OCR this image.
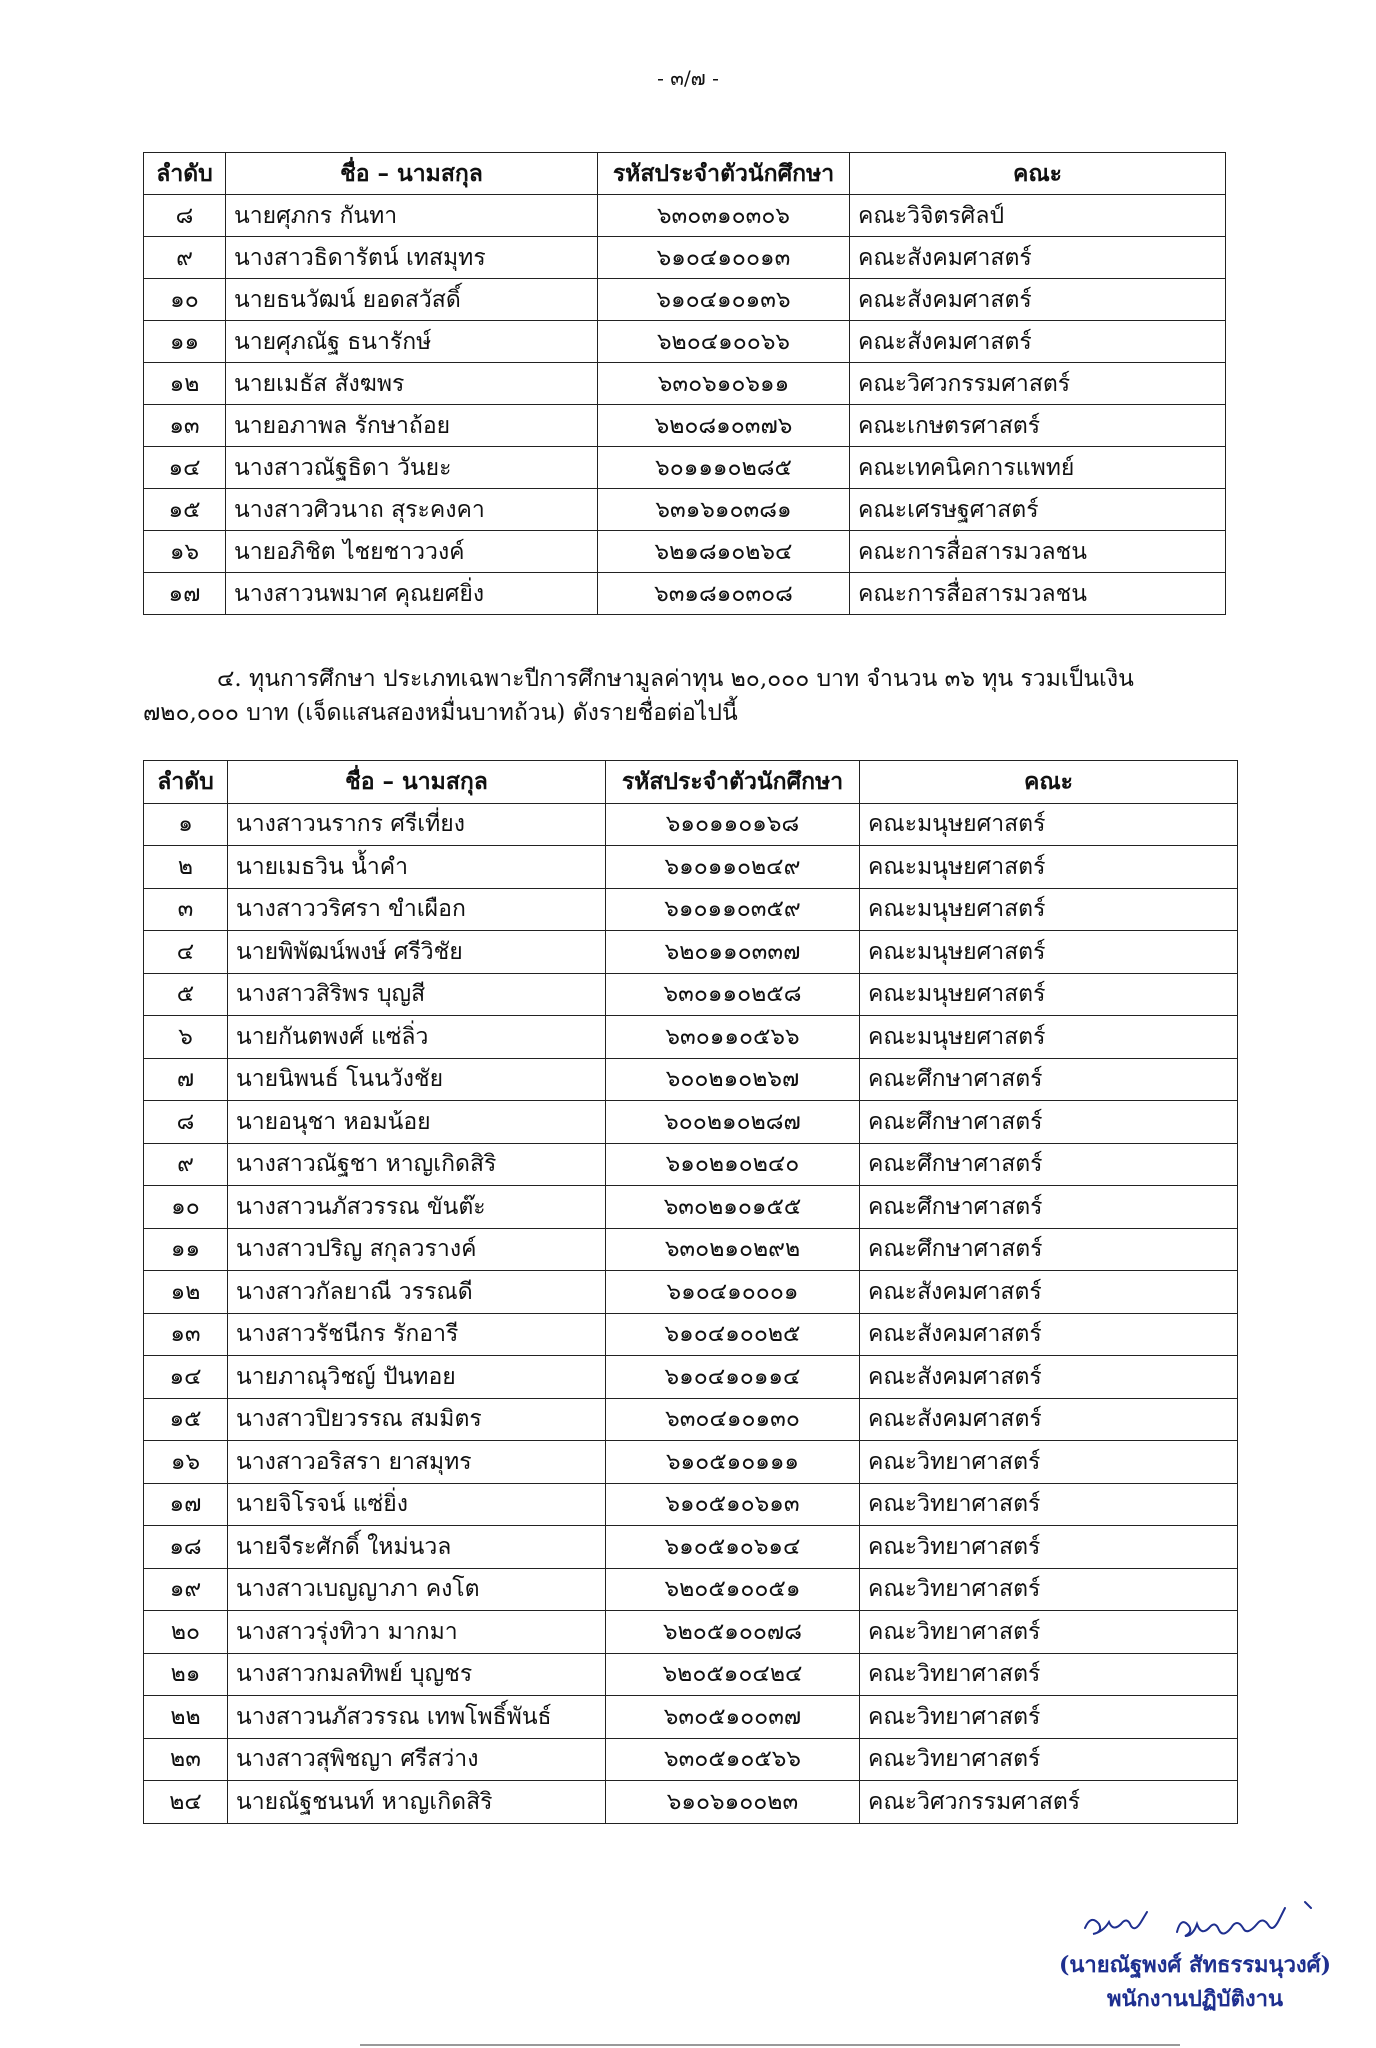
- ๓/๗ -
ลำดับ	ชื่อ – นามสกุล	รหัสประจำตัวนักศึกษา	คณะ
๘	นายศุภกร กันทา	๖๓๐๓๑๐๓๐๖	คณะวิจิตรศิลป์
๙	นางสาวธิดารัตน์ เทสมุทร	๖๑๐๔๑๐๐๑๓	คณะสังคมศาสตร์
๑๐	นายธนวัฒน์ ยอดสวัสดิ์	๖๑๐๔๑๐๑๓๖	คณะสังคมศาสตร์
๑๑	นายศุภณัฐ ธนารักษ์	๖๒๐๔๑๐๐๖๖	คณะสังคมศาสตร์
๑๒	นายเมธัส สังฆพร	๖๓๐๖๑๐๖๑๑	คณะวิศวกรรมศาสตร์
๑๓	นายอภาพล รักษาถ้อย	๖๒๐๘๑๐๓๗๖	คณะเกษตรศาสตร์
๑๔	นางสาวณัฐธิดา วันยะ	๖๐๑๑๑๐๒๘๕	คณะเทคนิคการแพทย์
๑๕	นางสาวศิวนาถ สุระคงคา	๖๓๑๖๑๐๓๘๑	คณะเศรษฐศาสตร์
๑๖	นายอภิชิต ไชยชาววงค์	๖๒๑๘๑๐๒๖๔	คณะการสื่อสารมวลชน
๑๗	นางสาวนพมาศ คุณยศยิ่ง	๖๓๑๘๑๐๓๐๘	คณะการสื่อสารมวลชน
๔. ทุนการศึกษา ประเภทเฉพาะปีการศึกษามูลค่าทุน ๒๐,๐๐๐ บาท จำนวน ๓๖ ทุน รวมเป็นเงิน
๗๒๐,๐๐๐ บาท (เจ็ดแสนสองหมื่นบาทถ้วน) ดังรายชื่อต่อไปนี้
ลำดับ	ชื่อ – นามสกุล	รหัสประจำตัวนักศึกษา	คณะ
๑	นางสาวนรากร ศรีเที่ยง	๖๑๐๑๑๐๑๖๘	คณะมนุษยศาสตร์
๒	นายเมธวิน น้ำคำ	๖๑๐๑๑๐๒๔๙	คณะมนุษยศาสตร์
๓	นางสาววริศรา ขำเผือก	๖๑๐๑๑๐๓๕๙	คณะมนุษยศาสตร์
๔	นายพิพัฒน์พงษ์ ศรีวิชัย	๖๒๐๑๑๐๓๓๗	คณะมนุษยศาสตร์
๕	นางสาวสิริพร บุญสี	๖๓๐๑๑๐๒๕๘	คณะมนุษยศาสตร์
๖	นายกันตพงศ์ แซ่ลิ่ว	๖๓๐๑๑๐๕๖๖	คณะมนุษยศาสตร์
๗	นายนิพนธ์ โนนวังชัย	๖๐๐๒๑๐๒๖๗	คณะศึกษาศาสตร์
๘	นายอนุชา หอมน้อย	๖๐๐๒๑๐๒๘๗	คณะศึกษาศาสตร์
๙	นางสาวณัฐชา หาญเกิดสิริ	๖๑๐๒๑๐๒๔๐	คณะศึกษาศาสตร์
๑๐	นางสาวนภัสวรรณ ขันต๊ะ	๖๓๐๒๑๐๑๕๕	คณะศึกษาศาสตร์
๑๑	นางสาวปริญ สกุลวรางค์	๖๓๐๒๑๐๒๙๒	คณะศึกษาศาสตร์
๑๒	นางสาวกัลยาณี วรรณดี	๖๑๐๔๑๐๐๐๑	คณะสังคมศาสตร์
๑๓	นางสาวรัชนีกร รักอารี	๖๑๐๔๑๐๐๒๕	คณะสังคมศาสตร์
๑๔	นายภาณุวิชญ์ ปันทอย	๖๑๐๔๑๐๑๑๔	คณะสังคมศาสตร์
๑๕	นางสาวปิยวรรณ สมมิตร	๖๓๐๔๑๐๑๓๐	คณะสังคมศาสตร์
๑๖	นางสาวอริสรา ยาสมุทร	๖๑๐๕๑๐๑๑๑	คณะวิทยาศาสตร์
๑๗	นายจิโรจน์ แซ่ยิ่ง	๖๑๐๕๑๐๖๑๓	คณะวิทยาศาสตร์
๑๘	นายจีระศักดิ์ ใหม่นวล	๖๑๐๕๑๐๖๑๔	คณะวิทยาศาสตร์
๑๙	นางสาวเบญญาภา คงโต	๖๒๐๕๑๐๐๕๑	คณะวิทยาศาสตร์
๒๐	นางสาวรุ่งทิวา มากมา	๖๒๐๕๑๐๐๗๘	คณะวิทยาศาสตร์
๒๑	นางสาวกมลทิพย์ บุญชร	๖๒๐๕๑๐๔๒๔	คณะวิทยาศาสตร์
๒๒	นางสาวนภัสวรรณ เทพโพธิ์พันธ์	๖๓๐๕๑๐๐๓๗	คณะวิทยาศาสตร์
๒๓	นางสาวสุพิชญา ศรีสว่าง	๖๓๐๕๑๐๕๖๖	คณะวิทยาศาสตร์
๒๔	นายณัฐชนนท์ หาญเกิดสิริ	๖๑๐๖๑๐๐๒๓	คณะวิศวกรรมศาสตร์
(นายณัฐพงศ์ สัทธรรมนุวงศ์)
พนักงานปฏิบัติงาน
